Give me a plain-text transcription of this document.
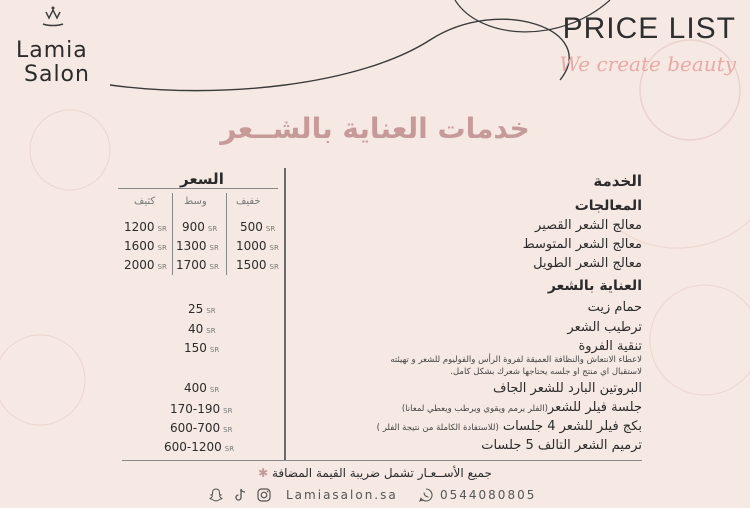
Lamia
Salon
PRICE LIST
We create beauty
خدمات العناية بالشــعر
الخدمة
السعر
خفيف
وسط
كثيف	المعالجات
معالج الشعر القصير
معالج الشعر المتوسط
معالج الشعر الطويل
500 SR
900 SR
1200 SR
1000 SR
1300 SR
1600 SR
1500 SR
1700 SR
2000 SR
العناية بالشعر
حمام زيت
ترطيب الشعر
تنقية الفروة
لاعطاء الانتعاش والنظافة العميقة لفروة الرأس والفوليوم للشعر و تهيئته
لاستقبال اي منتج او جلسه يحتاجها شعرك بشكل كامل.
البروتين البارد للشعر الجاف
جلسة فيلر للشعر(الفلر يرمم ويقوي ويرطب ويعطي لمعانا)
بكج فيلر للشعر 4 جلسات (للاستفادة الكاملة من نتيجة الفلر )
ترميم الشعر التالف 5 جلسات
25 SR
40 SR
150 SR
400 SR
170-190 SR
600-700 SR
600-1200 SR
جميع الأســعـار تشمل ضريبة القيمة المضافة ✱
Lamiasalon.sa	0544080805
